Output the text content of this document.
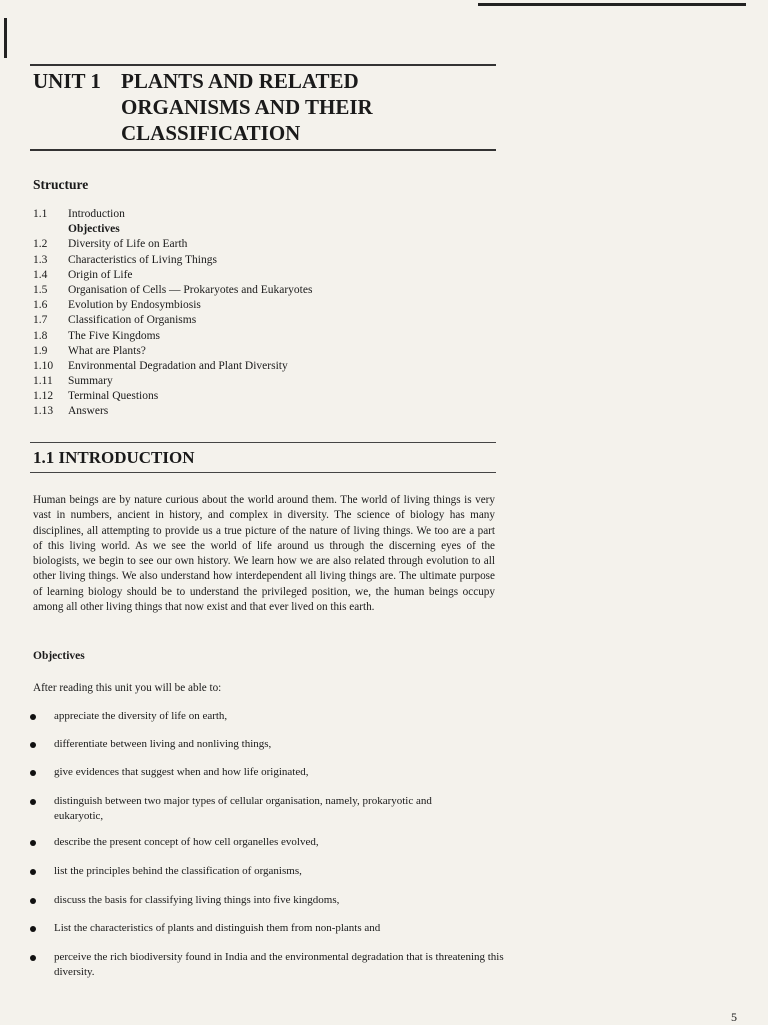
UNIT 1 PLANTS AND RELATED
ORGANISMS AND THEIR
CLASSIFICATION
Structure
1.1	Introduction
Objectives
1.2	Diversity of Life on Earth
1.3	Characteristics of Living Things
1.4	Origin of Life
1.5	Organisation of Cells — Prokaryotes and Eukaryotes
1.6	Evolution by Endosymbiosis
1.7	Classification of Organisms
1.8	The Five Kingdoms
1.9	What are Plants?
1.10	Environmental Degradation and Plant Diversity
1.11	Summary
1.12	Terminal Questions
1.13	Answers
1.1 INTRODUCTION

Human beings are by nature curious about the world around them. The world of living things is very vast in numbers, ancient in history, and complex in diversity. The science of biology has many disciplines, all attempting to provide us a true picture of the nature of living things. We too are a part of this living world. As we see the world of life around us through the discerning eyes of the biologists, we begin to see our own history. We learn how we are also related through evolution to all other living things. We also understand how interdependent all living things are. The ultimate purpose of learning biology should be to understand the privileged position, we, the human beings occupy among all other living things that now exist and that ever lived on this earth.

Objectives
After reading this unit you will be able to:
appreciate the diversity of life on earth,
differentiate between living and nonliving things,
give evidences that suggest when and how life originated,
distinguish between two major types of cellular organisation, namely, prokaryotic and eukaryotic,
describe the present concept of how cell organelles evolved,
list the principles behind the classification of organisms,
discuss the basis for classifying living things into five kingdoms,
List the characteristics of plants and distinguish them from non-plants and
perceive the rich biodiversity found in India and the environmental degradation that is threatening this diversity.
5
